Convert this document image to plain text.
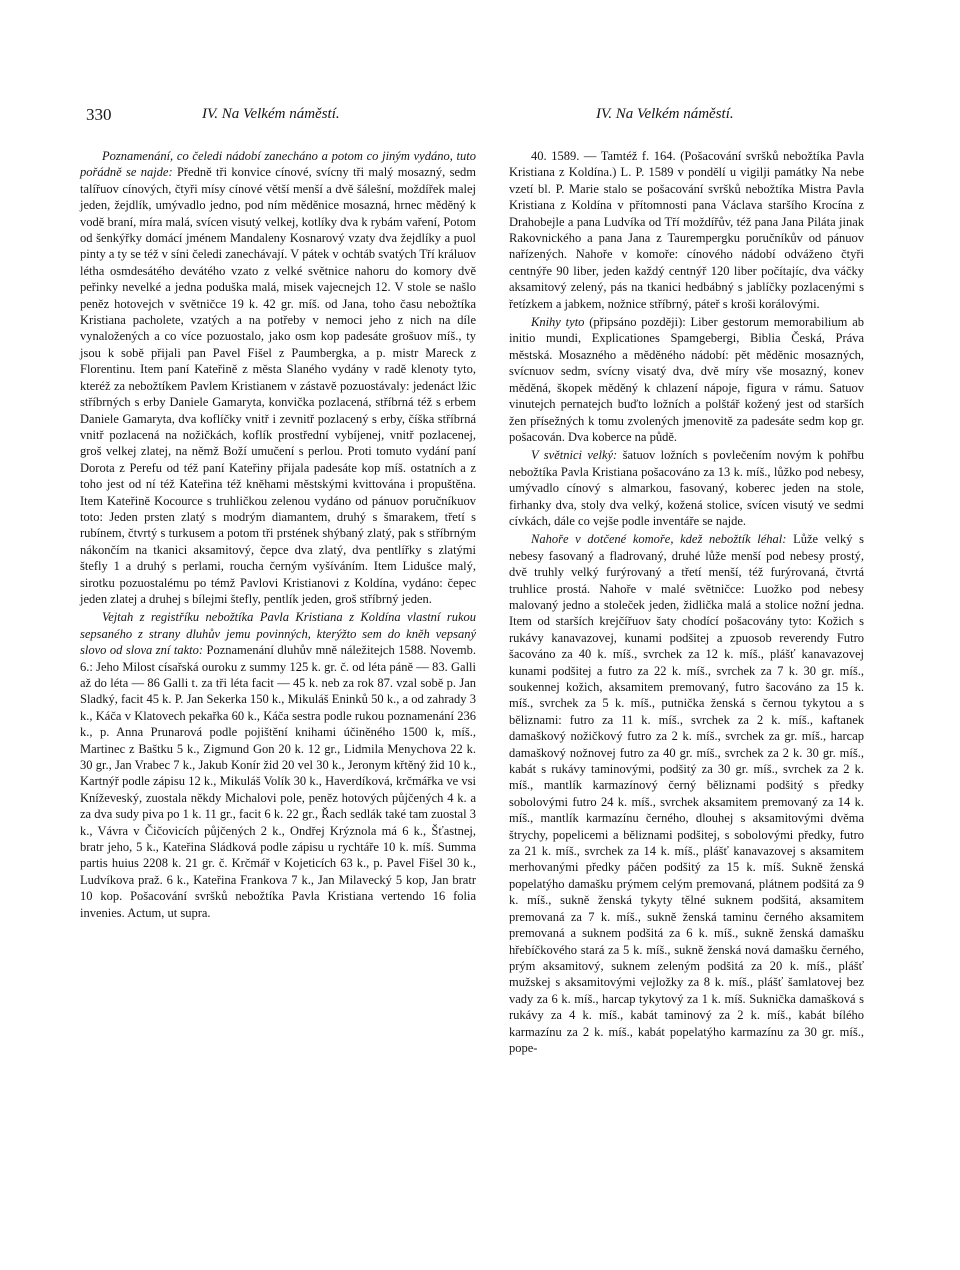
330	IV. Na Velkém náměstí.	IV. Na Velkém náměstí.

Poznamenání, co čeledi nádobí zanecháno a potom co jiným vydáno, tuto pořádně se najde: Předně tři konvice cínové, svícny tři malý mosazný, sedm talířuov cínových, čtyři mísy cínové větší menší a dvě šálešní, moždířek malej jeden, žejdlík, umývadlo jedno, pod ním měděnice mosazná, hrnec měděný k vodě braní, míra malá, svícen visutý velkej, kotlíky dva k rybám vaření, Potom od šenkýřky domácí jménem Mandaleny Kosnarový vzaty dva žejdlíky a puol pinty a ty se též v síni čeledi zanechávají. V pátek v ochtáb svatých Tří králuov létha osmdesátého devátého vzato z velké světnice nahoru do komory dvě peřinky nevelké a jedna poduška malá, misek vajecnejch 12. V stole se našlo peněz hotovejch v světničce 19 k. 42 gr. míš. od Jana, toho času nebožtíka Kristiana pacholete, vzatých a na potřeby v nemoci jeho z nich na díle vynaložených a co více pozuostalo, jako osm kop padesáte grošuov míš., ty jsou k sobě přijali pan Pavel Fišel z Paumbergka, a p. mistr Mareck z Florentinu. Item paní Kateřině z města Slaného vydány v radě klenoty tyto, kteréž za nebožtíkem Pavlem Kristianem v zástavě pozuostávaly: jedenáct lžic stříbrných s erby Daniele Gamaryta, konvička pozlacená, stříbrná též s erbem Daniele Gamaryta, dva koflíčky vnitř i zevnitř pozlacený s erby, číška stříbrná vnitř pozlacená na nožičkách, koflík prostřední vybíjenej, vnitř pozlacenej, groš velkej zlatej, na němž Boží umučení s perlou. Proti tomuto vydání paní Dorota z Perefu od též paní Kateřiny přijala padesáte kop míš. ostatních a z toho jest od ní též Kateřina též kněhami městskými kvittována i propuštěna. Item Kateřině Kocource s truhličkou zelenou vydáno od pánuov poručníkuov toto: Jeden prsten zlatý s modrým diamantem, druhý s šmarakem, třetí s rubínem, čtvrtý s turkusem a potom tři prstének shýbaný zlatý, pak s stříbrným nákončím na tkanici aksamitový, čepce dva zlatý, dva pentlířky s zlatými štefly 1 a druhý s perlami, roucha černým vyšíváním. Item Lidušce malý, sirotku pozuostalému po témž Pavlovi Kristianovi z Koldína, vydáno: čepec jeden zlatej a druhej s bílejmi štefly, pentlík jeden, groš stříbrný jeden.

Vejtah z registříku nebožtíka Pavla Kristiana z Koldína vlastní rukou sepsaného z strany dluhův jemu povinných, kterýžto sem do kněh vepsaný slovo od slova zní takto: Poznamenání dluhův mně náležitejch 1588. Novemb. 6.: Jeho Milost císařská ouroku z summy 125 k. gr. č. od léta páně — 83. Galli až do léta — 86 Galli t. za tři léta facit — 45 k. neb za rok 87. vzal sobě p. Jan Sladký, facit 45 k. P. Jan Sekerka 150 k., Mikuláš Eninků 50 k., a od zahrady 3 k., Káča v Klatovech pekařka 60 k., Káča sestra podle rukou poznamenání 236 k., p. Anna Prunarová podle pojištění knihami účiněného 1500 k, míš., Martinec z Baštku 5 k., Zigmund Gon 20 k. 12 gr., Lidmila Menychova 22 k. 30 gr., Jan Vrabec 7 k., Jakub Konír žid 20 vel 30 k., Jeronym křtěný žid 10 k., Kartnýř podle zápisu 12 k., Mikuláš Volík 30 k., Haverdíková, krčmářka ve vsi Kníževeský, zuostala někdy Michalovi pole, peněz hotových půjčených 4 k. a za dva sudy piva po 1 k. 11 gr., facit 6 k. 22 gr., Řach sedlák také tam zuostal 3 k., Vávra v Čičovicích půjčených 2 k., Ondřej Krýznola má 6 k., Šťastnej, bratr jeho, 5 k., Kateřina Sládková podle zápisu u rychtáře 10 k. míš. Summa partis huius 2208 k. 21 gr. č. Krčmář v Kojeticích 63 k., p. Pavel Fišel 30 k., Ludvíkova praž. 6 k., Kateřina Frankova 7 k., Jan Milavecký 5 kop, Jan bratr 10 kop. Pošacování svršků nebožtíka Pavla Kristiana vertendo 16 folia invenies. Actum, ut supra.

40. 1589. — Tamtéž f. 164. (Pošacování svršků nebožtíka Pavla Kristiana z Koldína.) L. P. 1589 v pondělí u vigilji památky Na nebe vzetí bl. P. Marie stalo se pošacování svršků nebožtíka Mistra Pavla Kristiana z Koldína v přítomnosti pana Václava staršího Krocína z Drahobejle a pana Ludvíka od Tří moždířův, též pana Jana Piláta jinak Rakovnického a pana Jana z Taurempergku poručníkův od pánuov nařízených. Nahoře v komoře: cínového nádobí odváženo čtyři centnýře 90 liber, jeden každý centnýř 120 liber počítajíc, dva váčky aksamitový zelený, pás na tkanici hedbábný s jablíčky pozlacenými s řetízkem a jabkem, nožnice stříbrný, páteř s kroši korálovými.

Knihy tyto (připsáno později): Liber gestorum memorabilium ab initio mundi, Explicationes Spamgebergi, Biblia Česká, Práva městská. Mosazného a měděného nádobí: pět měděnic mosazných, svícnuov sedm, svícny visatý dva, dvě míry vše mosazný, konev měděná, škopek měděný k chlazení nápoje, figura v rámu. Satuov vinutejch pernatejch buďto ložních a polštář kožený jest od starších žen přísežných k tomu zvolených jmenovitě za padesáte sedm kop gr. pošacován. Dva koberce na půdě.

V světnici velký: šatuov ložních s povlečením novým k pohřbu nebožtíka Pavla Kristiana pošacováno za 13 k. míš., lůžko pod nebesy, umývadlo cínový s almarkou, fasovaný, koberec jeden na stole, firhanky dva, stoly dva velký, kožená stolice, svícen visutý ve sedmi cívkách, dále co vejše podle inventáře se najde.

Nahoře v dotčené komoře, kdež nebožtík léhal: Lůže velký s nebesy fasovaný a fladrovaný, druhé lůže menší pod nebesy prostý, dvě truhly velký furýrovaný a třetí menší, též furýrovaná, čtvrtá truhlice prostá. Nahoře v malé světničce: Luožko pod nebesy malovaný jedno a stoleček jeden, židlička malá a stolice nožní jedna. Item od starších krejčířuov šaty chodící pošacovány tyto: Kožich s rukávy kanavazovej, kunami podšitej a zpuosob reverendy Futro šacováno za 40 k. míš., svrchek za 12 k. míš., plášť kanavazovej kunami podšitej a futro za 22 k. míš., svrchek za 7 k. 30 gr. míš., soukennej kožich, aksamitem premovaný, futro šacováno za 15 k. míš., svrchek za 5 k. míš., putnička ženská s černou tykytou a s běliznami: futro za 11 k. míš., svrchek za 2 k. míš., kaftanek damaškový nožičkový futro za 2 k. míš., svrchek za gr. míš., harcap damaškový nožnovej futro za 40 gr. míš., svrchek za 2 k. 30 gr. míš., kabát s rukávy taminovými, podšitý za 30 gr. míš., svrchek za 2 k. míš., mantlík karmazínový černý běliznami podšitý s předky sobolovými futro 24 k. míš., svrchek aksamitem premovaný za 14 k. míš., mantlík karmazínu černého, dlouhej s aksamitovými dvěma štrychy, popelicemi a běliznami podšitej, s sobolovými předky, futro za 21 k. míš., svrchek za 14 k. míš., plášť kanavazovej s aksamitem merhovanými předky páčen podšitý za 15 k. míš. Sukně ženská popelatýho damašku prýmem celým premovaná, plátnem podšitá za 9 k. míš., sukně ženská tykyty tělné suknem podšitá, aksamitem premovaná za 7 k. míš., sukně ženská taminu černého aksamitem premovaná a suknem podšitá za 6 k. míš., sukně ženská damašku hřebíčkového stará za 5 k. míš., sukně ženská nová damašku černého, prým aksamitový, suknem zeleným podšitá za 20 k. míš., plášť mužskej s aksamitovými vejložky za 8 k. míš., plášť šamlatovej bez vady za 6 k. míš., harcap tykytový za 1 k. míš. Suknička damašková s rukávy za 4 k. míš., kabát taminový za 2 k. míš., kabát bílého karmazínu za 2 k. míš., kabát popelatýho karmazínu za 30 gr. míš., pope-
